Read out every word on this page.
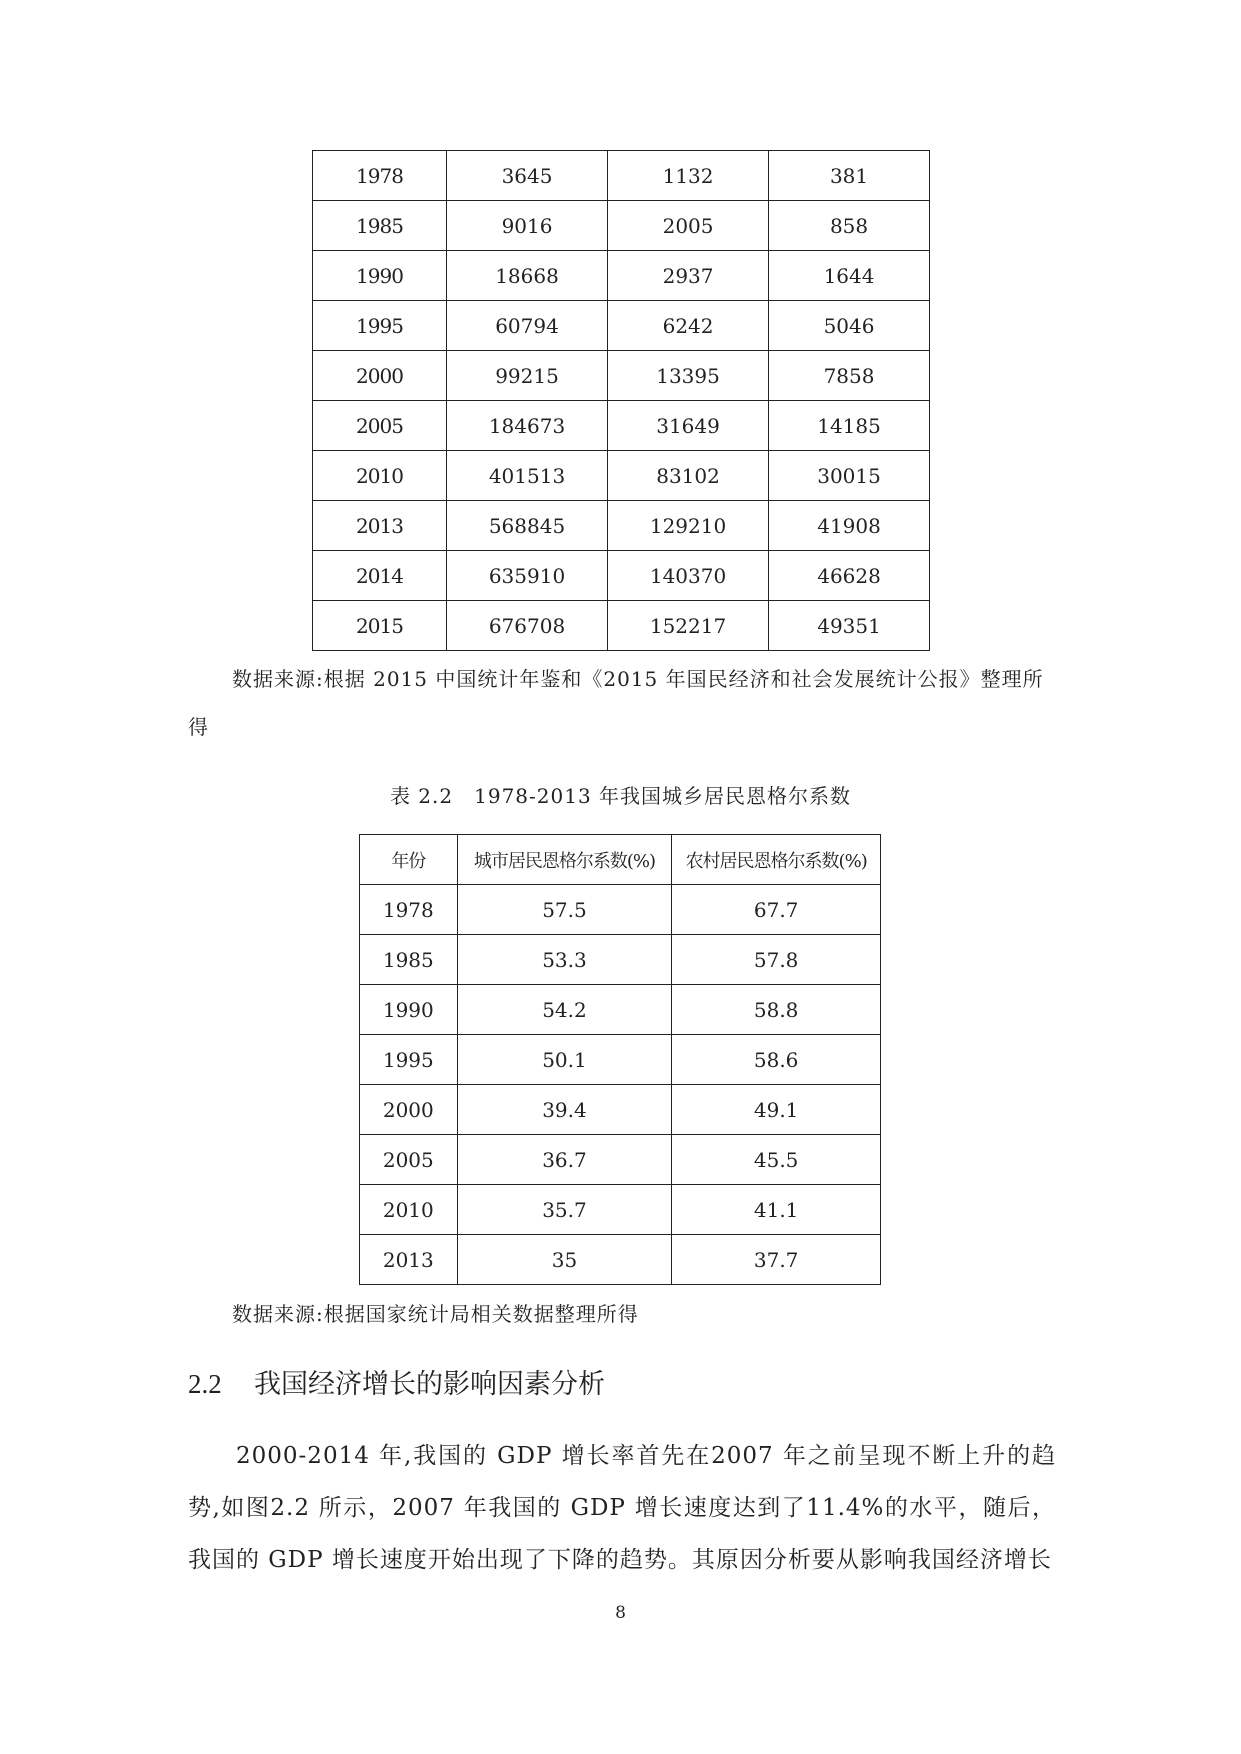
1978	3645	1132	381
1985	9016	2005	858
1990	18668	2937	1644
1995	60794	6242	5046
2000	99215	13395	7858
2005	184673	31649	14185
2010	401513	83102	30015
2013	568845	129210	41908
2014	635910	140370	46628
2015	676708	152217	49351

数据来源:根据 2015 中国统计年鉴和《2015 年国民经济和社会发展统计公报》整理所得

表 2.2　1978-2013 年我国城乡居民恩格尔系数
年份	城市居民恩格尔系数(%)	农村居民恩格尔系数(%)
1978	57.5	67.7
1985	53.3	57.8
1990	54.2	58.8
1995	50.1	58.6
2000	39.4	49.1
2005	36.7	45.5
2010	35.7	41.1
2013	35	37.7

数据来源:根据国家统计局相关数据整理所得

2.2 我国经济增长的影响因素分析

2000-2014 年,我国的 GDP 增长率首先在2007 年之前呈现不断上升的趋势,如图2.2 所示，2007 年我国的 GDP 增长速度达到了11.4%的水平，随后，我国的 GDP 增长速度开始出现了下降的趋势。其原因分析要从影响我国经济增长

8
